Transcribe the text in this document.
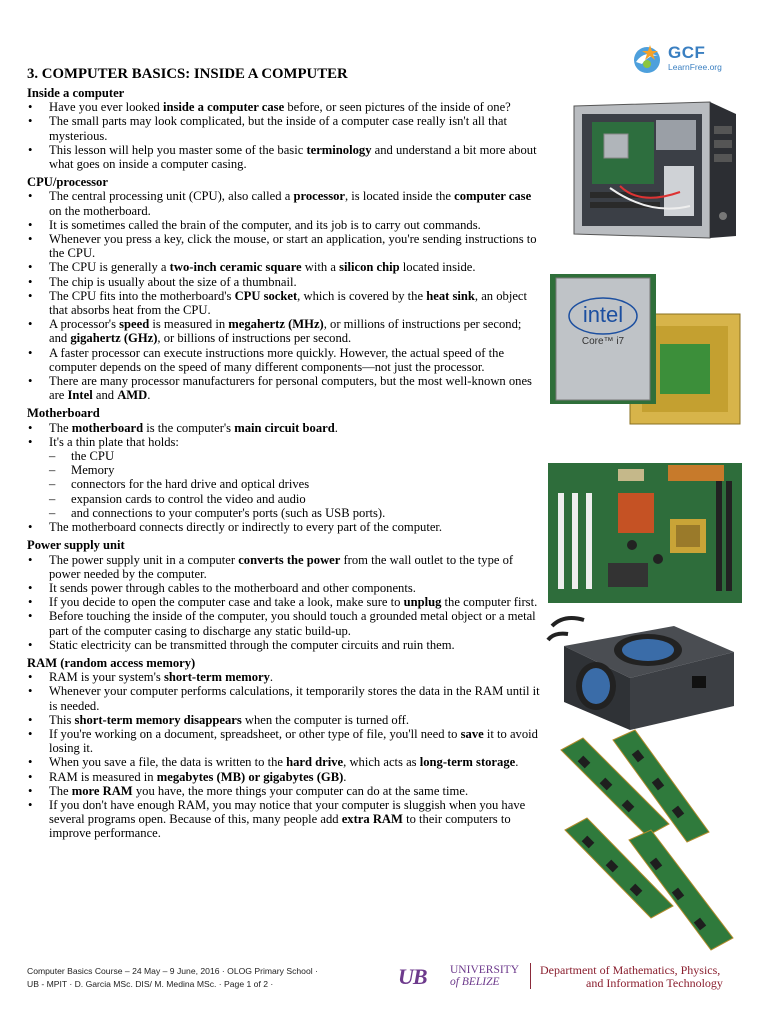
GCF
LearnFree.org
3. COMPUTER BASICS: INSIDE A COMPUTER
Inside a computer
• Have you ever looked inside a computer case before, or seen pictures of the inside of one?
• The small parts may look complicated, but the inside of a computer case really isn't all that mysterious.
• This lesson will help you master some of the basic terminology and understand a bit more about what goes on inside a computer casing.
CPU/processor
• The central processing unit (CPU), also called a processor, is located inside the computer case on the motherboard.
• It is sometimes called the brain of the computer, and its job is to carry out commands.
• Whenever you press a key, click the mouse, or start an application, you're sending instructions to the CPU.
• The CPU is generally a two-inch ceramic square with a silicon chip located inside.
• The chip is usually about the size of a thumbnail.
• The CPU fits into the motherboard's CPU socket, which is covered by the heat sink, an object that absorbs heat from the CPU.
• A processor's speed is measured in megahertz (MHz), or millions of instructions per second; and gigahertz (GHz), or billions of instructions per second.
• A faster processor can execute instructions more quickly. However, the actual speed of the computer depends on the speed of many different components—not just the processor.
• There are many processor manufacturers for personal computers, but the most well-known ones are Intel and AMD.
Motherboard
• The motherboard is the computer's main circuit board.
• It's a thin plate that holds:
– the CPU
– Memory
– connectors for the hard drive and optical drives
– expansion cards to control the video and audio
– and connections to your computer's ports (such as USB ports).
• The motherboard connects directly or indirectly to every part of the computer.
Power supply unit
• The power supply unit in a computer converts the power from the wall outlet to the type of power needed by the computer.
• It sends power through cables to the motherboard and other components.
• If you decide to open the computer case and take a look, make sure to unplug the computer first.
• Before touching the inside of the computer, you should touch a grounded metal object or a metal part of the computer casing to discharge any static build-up.
• Static electricity can be transmitted through the computer circuits and ruin them.
RAM (random access memory)
• RAM is your system's short-term memory.
• Whenever your computer performs calculations, it temporarily stores the data in the RAM until it is needed.
• This short-term memory disappears when the computer is turned off.
• If you're working on a document, spreadsheet, or other type of file, you'll need to save it to avoid losing it.
• When you save a file, the data is written to the hard drive, which acts as long-term storage.
• RAM is measured in megabytes (MB) or gigabytes (GB).
• The more RAM you have, the more things your computer can do at the same time.
• If you don't have enough RAM, you may notice that your computer is sluggish when you have several programs open. Because of this, many people add extra RAM to their computers to improve performance.
intel
Core™ i7
Computer Basics Course – 24 May – 9 June, 2016 · OLOG Primary School ·
UB - MPIT · D. Garcia MSc. DIS/ M. Medina MSc. · Page 1 of 2 ·	UB UNIVERSITY
of BELIZE
Department of Mathematics, Physics,
and Information Technology
